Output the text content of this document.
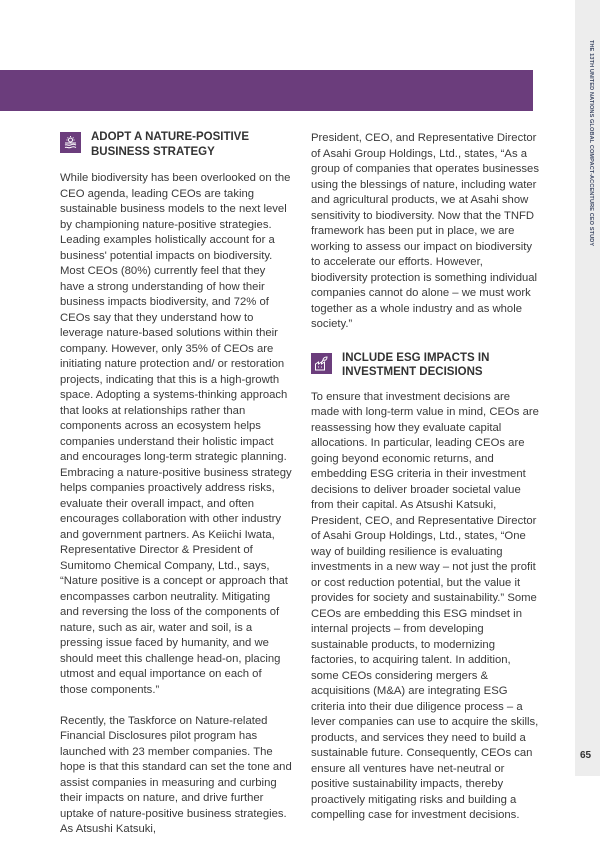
THE 13TH UNITED NATIONS GLOBAL COMPACT-ACCENTURE CEO STUDY
65
ADOPT A NATURE-POSITIVE BUSINESS STRATEGY

While biodiversity has been overlooked on the CEO agenda, leading CEOs are taking sustainable business models to the next level by championing nature-positive strategies. Leading examples holistically account for a business' potential impacts on biodiversity. Most CEOs (80%) currently feel that they have a strong understanding of how their business impacts biodiversity, and 72% of CEOs say that they understand how to leverage nature-based solutions within their company. However, only 35% of CEOs are initiating nature protection and/ or restoration projects, indicating that this is a high-growth space. Adopting a systems-thinking approach that looks at relationships rather than components across an ecosystem helps companies understand their holistic impact and encourages long-term strategic planning. Embracing a nature-positive business strategy helps companies proactively address risks, evaluate their overall impact, and often encourages collaboration with other industry and government partners. As Keiichi Iwata, Representative Director & President of Sumitomo Chemical Company, Ltd., says, “Nature positive is a concept or approach that encompasses carbon neutrality. Mitigating and reversing the loss of the components of nature, such as air, water and soil, is a pressing issue faced by humanity, and we should meet this challenge head-on, placing utmost and equal importance on each of those components.”

Recently, the Taskforce on Nature-related Financial Disclosures pilot program has launched with 23 member companies. The hope is that this standard can set the tone and assist companies in measuring and curbing their impacts on nature, and drive further uptake of nature-positive business strategies. As Atsushi Katsuki,

President, CEO, and Representative Director of Asahi Group Holdings, Ltd., states, “As a group of companies that operates businesses using the blessings of nature, including water and agricultural products, we at Asahi show sensitivity to biodiversity. Now that the TNFD framework has been put in place, we are working to assess our impact on biodiversity to accelerate our efforts. However, biodiversity protection is something individual companies cannot do alone – we must work together as a whole industry and as whole society.”

INCLUDE ESG IMPACTS IN INVESTMENT DECISIONS

To ensure that investment decisions are made with long-term value in mind, CEOs are reassessing how they evaluate capital allocations. In particular, leading CEOs are going beyond economic returns, and embedding ESG criteria in their investment decisions to deliver broader societal value from their capital. As Atsushi Katsuki, President, CEO, and Representative Director of Asahi Group Holdings, Ltd., states, “One way of building resilience is evaluating investments in a new way – not just the profit or cost reduction potential, but the value it provides for society and sustainability.” Some CEOs are embedding this ESG mindset in internal projects – from developing sustainable products, to modernizing factories, to acquiring talent. In addition, some CEOs considering mergers & acquisitions (M&A) are integrating ESG criteria into their due diligence process – a lever companies can use to acquire the skills, products, and services they need to build a sustainable future. Consequently, CEOs can ensure all ventures have net-neutral or positive sustainability impacts, thereby proactively mitigating risks and building a compelling case for investment decisions.
